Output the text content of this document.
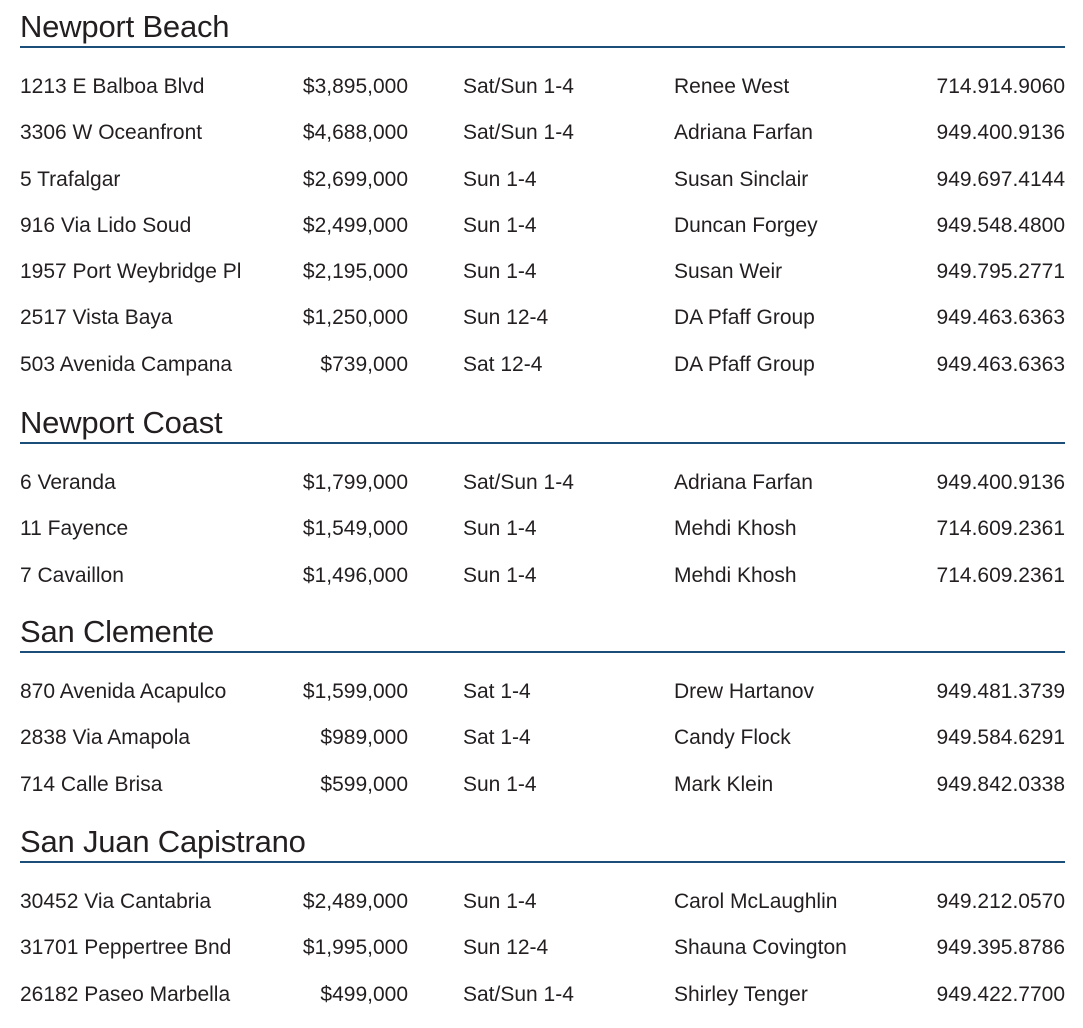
Newport Beach
1213 E Balboa Blvd	$3,895,000	Sat/Sun 1-4	Renee West	714.914.9060
3306 W Oceanfront	$4,688,000	Sat/Sun 1-4	Adriana Farfan	949.400.9136
5 Trafalgar	$2,699,000	Sun 1-4	Susan Sinclair	949.697.4144
916 Via Lido Soud	$2,499,000	Sun 1-4	Duncan Forgey	949.548.4800
1957 Port Weybridge Pl	$2,195,000	Sun 1-4	Susan Weir	949.795.2771
2517 Vista Baya	$1,250,000	Sun 12-4	DA Pfaff Group	949.463.6363
503 Avenida Campana	$739,000	Sat 12-4	DA Pfaff Group	949.463.6363
Newport Coast
6 Veranda	$1,799,000	Sat/Sun 1-4	Adriana Farfan	949.400.9136
11 Fayence	$1,549,000	Sun 1-4	Mehdi Khosh	714.609.2361
7 Cavaillon	$1,496,000	Sun 1-4	Mehdi Khosh	714.609.2361
San Clemente
870 Avenida Acapulco	$1,599,000	Sat 1-4	Drew Hartanov	949.481.3739
2838 Via Amapola	$989,000	Sat 1-4	Candy Flock	949.584.6291
714 Calle Brisa	$599,000	Sun 1-4	Mark Klein	949.842.0338
San Juan Capistrano
30452 Via Cantabria	$2,489,000	Sun 1-4	Carol McLaughlin	949.212.0570
31701 Peppertree Bnd	$1,995,000	Sun 12-4	Shauna Covington	949.395.8786
26182 Paseo Marbella	$499,000	Sat/Sun 1-4	Shirley Tenger	949.422.7700
